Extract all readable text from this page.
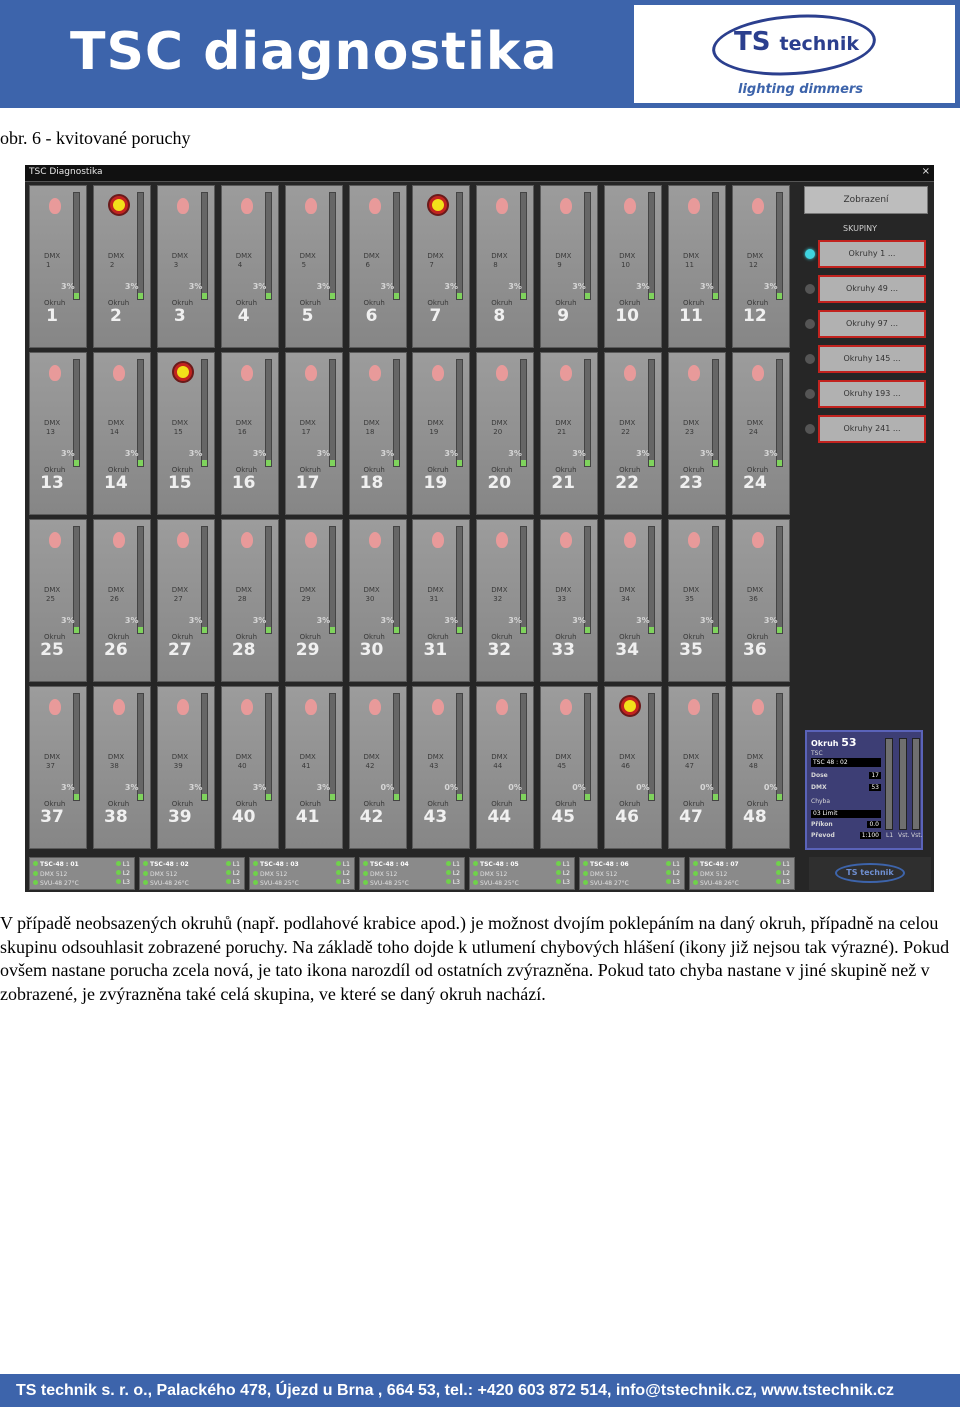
TSC diagnostika	TS technik
lighting dimmers
obr. 6 - kvitované poruchy
TSC Diagnostika	×
DMX
1
3%
Okruh
1
DMX
2
3%
Okruh
2
DMX
3
3%
Okruh
3
DMX
4
3%
Okruh
4
DMX
5
3%
Okruh
5
DMX
6
3%
Okruh
6
DMX
7
3%
Okruh
7
DMX
8
3%
Okruh
8
DMX
9
3%
Okruh
9
DMX
10
3%
Okruh
10
DMX
11
3%
Okruh
11
DMX
12
3%
Okruh
12
DMX
13
3%
Okruh
13
DMX
14
3%
Okruh
14
DMX
15
3%
Okruh
15
DMX
16
3%
Okruh
16
DMX
17
3%
Okruh
17
DMX
18
3%
Okruh
18
DMX
19
3%
Okruh
19
DMX
20
3%
Okruh
20
DMX
21
3%
Okruh
21
DMX
22
3%
Okruh
22
DMX
23
3%
Okruh
23
DMX
24
3%
Okruh
24
DMX
25
3%
Okruh
25
DMX
26
3%
Okruh
26
DMX
27
3%
Okruh
27
DMX
28
3%
Okruh
28
DMX
29
3%
Okruh
29
DMX
30
3%
Okruh
30
DMX
31
3%
Okruh
31
DMX
32
3%
Okruh
32
DMX
33
3%
Okruh
33
DMX
34
3%
Okruh
34
DMX
35
3%
Okruh
35
DMX
36
3%
Okruh
36
DMX
37
3%
Okruh
37
DMX
38
3%
Okruh
38
DMX
39
3%
Okruh
39
DMX
40
3%
Okruh
40
DMX
41
3%
Okruh
41
DMX
42
0%
Okruh
42
DMX
43
0%
Okruh
43
DMX
44
0%
Okruh
44
DMX
45
0%
Okruh
45
DMX
46
0%
Okruh
46
DMX
47
0%
Okruh
47
DMX
48
0%
Okruh
48
Zobrazení
SKUPINY
Okruhy 1 ...
Okruhy 49 ...
Okruhy 97 ...
Okruhy 145 ...
Okruhy 193 ...
Okruhy 241 ...
Okruh 53
TSC
TSC 48 : 02
Dose	17
DMX	53
Chyba
03 Limit
Příkon	0.0
Převod	1:100	L1 Vst. Vst.
TS technik
TSC-48 : 01
DMX 512
SVU-48 27°C
L1
L2
L3
TSC-48 : 02
DMX 512
SVU-48 26°C
L1
L2
L3
TSC-48 : 03
DMX 512
SVU-48 25°C
L1
L2
L3
TSC-48 : 04
DMX 512
SVU-48 25°C
L1
L2
L3
TSC-48 : 05
DMX 512
SVU-48 25°C
L1
L2
L3
TSC-48 : 06
DMX 512
SVU-48 27°C
L1
L2
L3
TSC-48 : 07
DMX 512
SVU-48 26°C
L1
L2
L3
V případě neobsazených okruhů (např. podlahové krabice apod.) je možnost dvojím poklepáním na daný okruh, případně na celou skupinu odsouhlasit zobrazené poruchy. Na základě toho dojde k utlumení chybových hlášení (ikony již nejsou tak výrazné). Pokud ovšem nastane porucha zcela nová, je tato ikona narozdíl od ostatních zvýrazněna. Pokud tato chyba nastane v jiné skupině než v zobrazené, je zvýrazněna také celá skupina, ve které se daný okruh nachází.
TS technik s. r. o., Palackého 478, Újezd u Brna , 664 53, tel.: +420 603 872 514, info@tstechnik.cz, www.tstechnik.cz
